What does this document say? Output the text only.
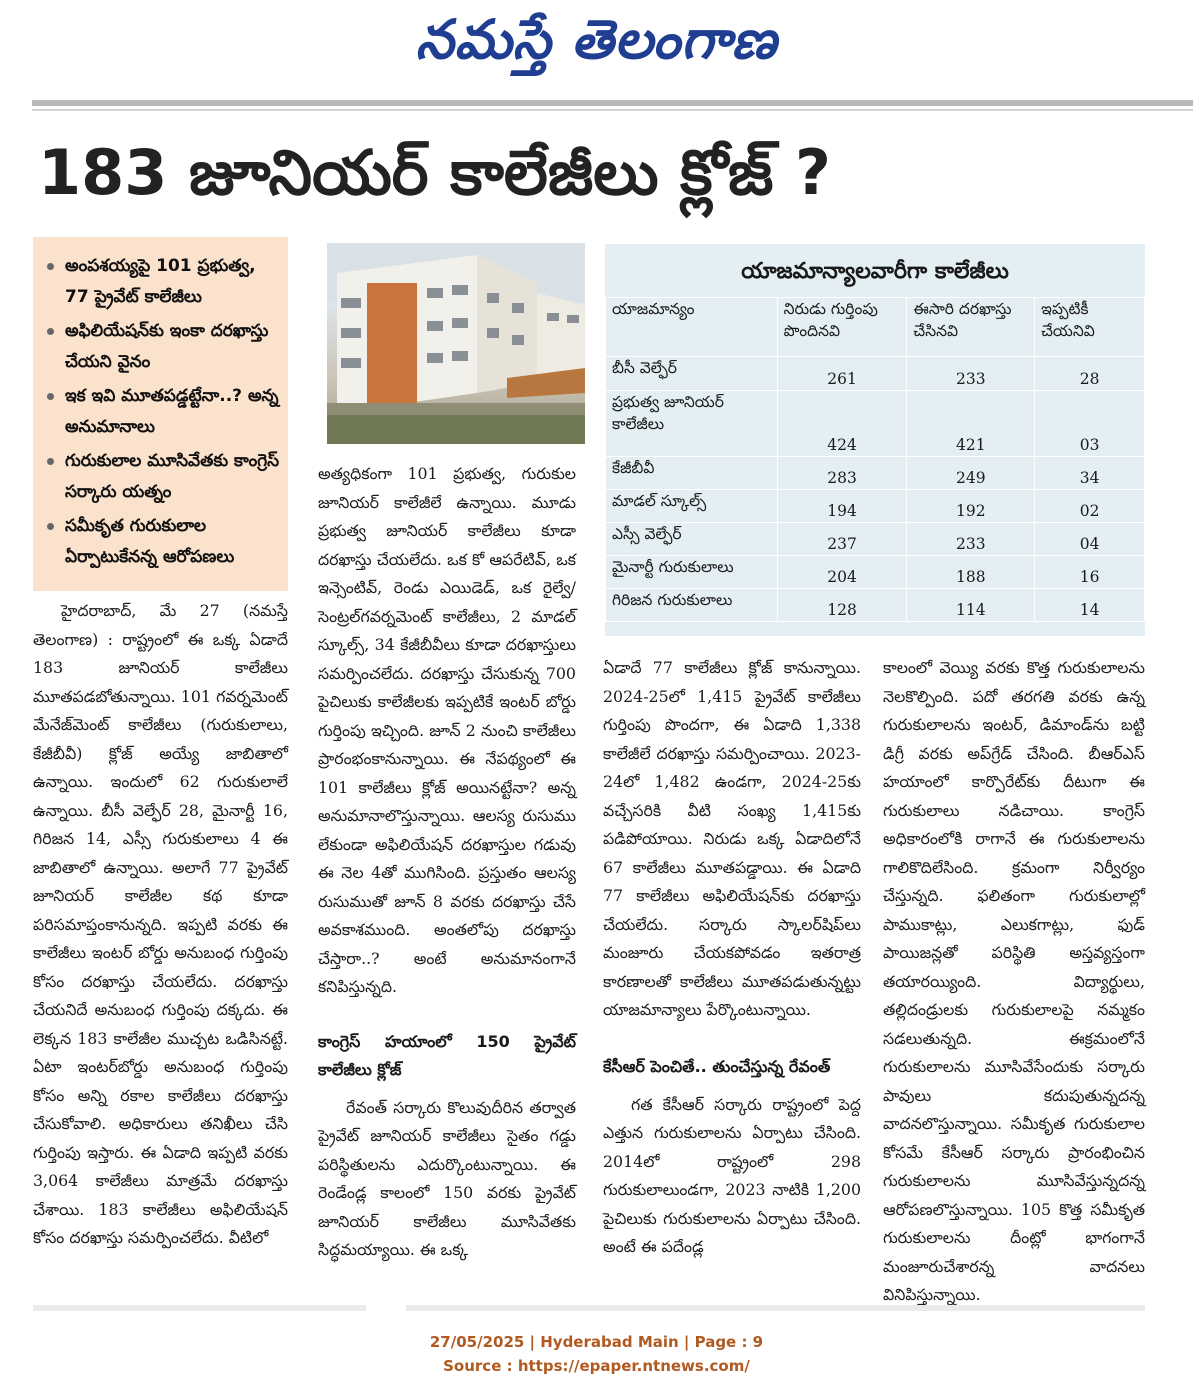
నమస్తే తెలంగాణ
183 జూనియర్ కాలేజీలు క్లోజ్ ?
అంపశయ్యపై 101 ప్రభుత్వ, 77 ప్రైవేట్ కాలేజీలు
అఫిలియేషన్‌కు ఇంకా దరఖాస్తు చేయని వైనం
ఇక ఇవి మూతపడ్డట్టేనా..? అన్న అనుమానాలు
గురుకులాల మూసివేతకు కాంగ్రెస్ సర్కారు యత్నం
సమీకృత గురుకులాల ఏర్పాటుకేనన్న ఆరోపణలు

హైదరాబాద్, మే 27 (నమస్తే తెలంగాణ) : రాష్ట్రంలో ఈ ఒక్క ఏడాదే 183 జూనియర్ కాలేజీలు మూతపడబోతున్నాయి. 101 గవర్నమెంట్ మేనేజ్‌మెంట్ కాలేజీలు (గురుకులాలు, కేజీబీవీ) క్లోజ్ అయ్యే జాబితాలో ఉన్నాయి. ఇందులో 62 గురుకులాలే ఉన్నాయి. బీసీ వెల్ఫేర్ 28, మైనార్టీ 16, గిరిజన 14, ఎస్సీ గురుకులాలు 4 ఈ జాబితాలో ఉన్నాయి. అలాగే 77 ప్రైవేట్ జూనియర్ కాలేజీల కథ కూడా పరిసమాప్తంకానున్నది. ఇప్పటి వరకు ఈ కాలేజీలు ఇంటర్ బోర్డు అనుబంధ గుర్తింపు కోసం దరఖాస్తు చేయలేదు. దరఖాస్తు చేయనిదే అనుబంధ గుర్తింపు దక్కదు. ఈ లెక్కన 183 కాలేజీల ముచ్చట ఒడిసినట్టే. ఏటా ఇంటర్‌బోర్డు అనుబంధ గుర్తింపు కోసం అన్ని రకాల కాలేజీలు దరఖాస్తు చేసుకోవాలి. అధికారులు తనిఖీలు చేసి గుర్తింపు ఇస్తారు. ఈ ఏడాది ఇప్పటి వరకు 3,064 కాలేజీలు మాత్రమే దరఖాస్తు చేశాయి. 183 కాలేజీలు అఫిలియేషన్ కోసం దరఖాస్తు సమర్పించలేదు. వీటిలో

అత్యధికంగా 101 ప్రభుత్వ, గురుకుల జూనియర్ కాలేజీలే ఉన్నాయి. మూడు ప్రభుత్వ జూనియర్ కాలేజీలు కూడా దరఖాస్తు చేయలేదు. ఒక కో ఆపరేటివ్, ఒక ఇన్సెంటివ్, రెండు ఎయిడెడ్, ఒక రైల్వే/సెంట్రల్‌గవర్నమెంట్ కాలేజీలు, 2 మాడల్ స్కూల్స్, 34 కేజీబీవీలు కూడా దరఖాస్తులు సమర్పించలేదు. దరఖాస్తు చేసుకున్న 700 పైచిలుకు కాలేజీలకు ఇప్పటికే ఇంటర్ బోర్డు గుర్తింపు ఇచ్చింది. జూన్ 2 నుంచి కాలేజీలు ప్రారంభంకానున్నాయి. ఈ నేపథ్యంలో ఈ 101 కాలేజీలు క్లోజ్ అయినట్టేనా? అన్న అనుమానాలొస్తున్నాయి. ఆలస్య రుసుము లేకుండా అఫిలియేషన్ దరఖాస్తుల గడువు ఈ నెల 4తో ముగిసింది. ప్రస్తుతం ఆలస్య రుసుముతో జూన్ 8 వరకు దరఖాస్తు చేసే అవకాశముంది. అంతలోపు దరఖాస్తు చేస్తారా..? అంటే అనుమానంగానే కనిపిస్తున్నది.

కాంగ్రెస్ హయాంలో 150 ప్రైవేట్ కాలేజీలు క్లోజ్

రేవంత్ సర్కారు కొలువుదీరిన తర్వాత ప్రైవేట్ జూనియర్ కాలేజీలు సైతం గడ్డు పరిస్థితులను ఎదుర్కొంటున్నాయి. ఈ రెండేండ్ల కాలంలో 150 వరకు ప్రైవేట్ జూనియర్ కాలేజీలు మూసివేతకు సిద్ధమయ్యాయి. ఈ ఒక్క

యాజమాన్యాలవారీగా కాలేజీలు
యాజమాన్యం	నిరుడు గుర్తింపు పొందినవి	ఈసారి దరఖాస్తు చేసినవి	ఇప్పటికీ చేయనివి
బీసీ వెల్ఫేర్	261	233	28
ప్రభుత్వ జూనియర్ కాలేజీలు	424	421	03
కేజీబీవీ	283	249	34
మాడల్ స్కూల్స్	194	192	02
ఎస్సీ వెల్ఫేర్	237	233	04
మైనార్టీ గురుకులాలు	204	188	16
గిరిజన గురుకులాలు	128	114	14

ఏడాదే 77 కాలేజీలు క్లోజ్ కానున్నాయి. 2024-25లో 1,415 ప్రైవేట్ కాలేజీలు గుర్తింపు పొందగా, ఈ ఏడాది 1,338 కాలేజీలే దరఖాస్తు సమర్పించాయి. 2023-24లో 1,482 ఉండగా, 2024-25కు వచ్చేసరికి వీటి సంఖ్య 1,415కు పడిపోయాయి. నిరుడు ఒక్క ఏడాదిలోనే 67 కాలేజీలు మూతపడ్డాయి. ఈ ఏడాది 77 కాలేజీలు అఫిలియేషన్‌కు దరఖాస్తు చేయలేదు. సర్కారు స్కాలర్‌షిప్‌లు మంజూరు చేయకపోవడం ఇతరాత్ర కారణాలతో కాలేజీలు మూతపడుతున్నట్టు యాజమాన్యాలు పేర్కొంటున్నాయి.

కేసీఆర్ పెంచితే.. తుంచేస్తున్న రేవంత్

గత కేసీఆర్ సర్కారు రాష్ట్రంలో పెద్ద ఎత్తున గురుకులాలను ఏర్పాటు చేసింది. 2014లో రాష్ట్రంలో 298 గురుకులాలుండగా, 2023 నాటికి 1,200 పైచిలుకు గురుకులాలను ఏర్పాటు చేసింది. అంటే ఈ పదేండ్ల

కాలంలో వెయ్యి వరకు కొత్త గురుకులాలను నెలకొల్పింది. పదో తరగతి వరకు ఉన్న గురుకులాలను ఇంటర్, డిమాండ్‌ను బట్టి డిగ్రీ వరకు అప్‌గ్రేడ్ చేసింది. బీఆర్‌ఎస్ హయాంలో కార్పొరేట్‌కు దీటుగా ఈ గురుకులాలు నడిచాయి. కాంగ్రెస్ అధికారంలోకి రాగానే ఈ గురుకులాలను గాలికొదిలేసింది. క్రమంగా నిర్వీర్యం చేస్తున్నది. ఫలితంగా గురుకులాల్లో పాముకాట్లు, ఎలుకగాట్లు, ఫుడ్ పాయిజన్లతో పరిస్థితి అస్తవ్యస్తంగా తయారయ్యింది. విద్యార్థులు, తల్లిదండ్రులకు గురుకులాలపై నమ్మకం సడలుతున్నది. ఈక్రమంలోనే గురుకులాలను మూసివేసేందుకు సర్కారు పావులు కదుపుతున్నదన్న వాదనలొస్తున్నాయి. సమీకృత గురుకులాల కోసమే కేసీఆర్ సర్కారు ప్రారంభించిన గురుకులాలను మూసివేస్తున్నదన్న ఆరోపణలొస్తున్నాయి. 105 కొత్త సమీకృత గురుకులాలను దీంట్లో భాగంగానే మంజూరుచేశారన్న వాదనలు వినిపిస్తున్నాయి.

27/05/2025 | Hyderabad Main | Page : 9
Source : https://epaper.ntnews.com/
